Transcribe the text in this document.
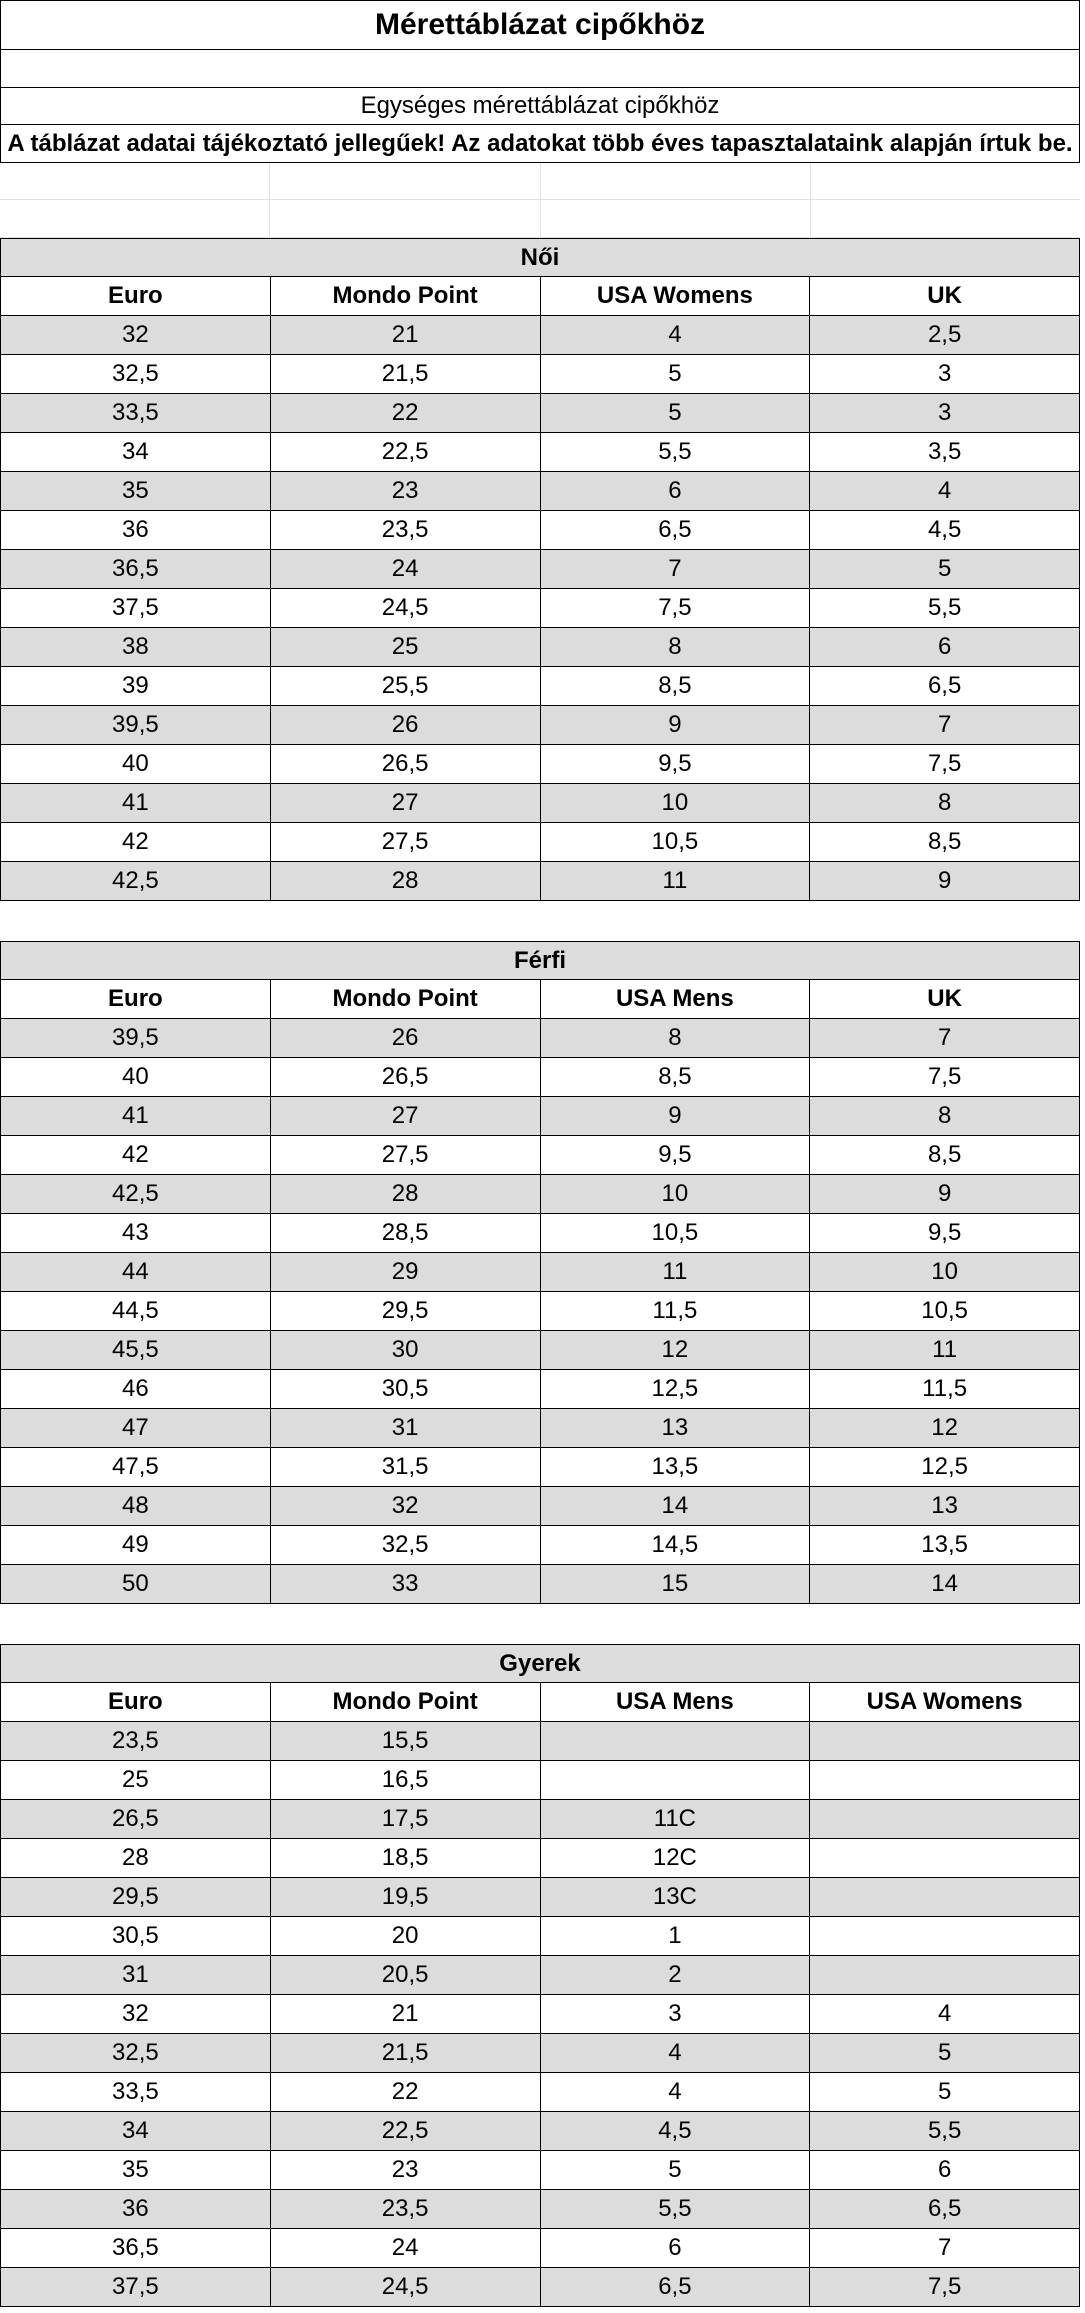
Mérettáblázat cipőkhöz
Egységes mérettáblázat cipőkhöz
A táblázat adatai tájékoztató jellegűek! Az adatokat több éves tapasztalataink alapján írtuk be.
Női
Euro	Mondo Point	USA Womens	UK
32	21	4	2,5
32,5	21,5	5	3
33,5	22	5	3
34	22,5	5,5	3,5
35	23	6	4
36	23,5	6,5	4,5
36,5	24	7	5
37,5	24,5	7,5	5,5
38	25	8	6
39	25,5	8,5	6,5
39,5	26	9	7
40	26,5	9,5	7,5
41	27	10	8
42	27,5	10,5	8,5
42,5	28	11	9
Férfi
Euro	Mondo Point	USA Mens	UK
39,5	26	8	7
40	26,5	8,5	7,5
41	27	9	8
42	27,5	9,5	8,5
42,5	28	10	9
43	28,5	10,5	9,5
44	29	11	10
44,5	29,5	11,5	10,5
45,5	30	12	11
46	30,5	12,5	11,5
47	31	13	12
47,5	31,5	13,5	12,5
48	32	14	13
49	32,5	14,5	13,5
50	33	15	14
Gyerek
Euro	Mondo Point	USA Mens	USA Womens
23,5	15,5
25	16,5
26,5	17,5	11C
28	18,5	12C
29,5	19,5	13C
30,5	20	1
31	20,5	2
32	21	3	4
32,5	21,5	4	5
33,5	22	4	5
34	22,5	4,5	5,5
35	23	5	6
36	23,5	5,5	6,5
36,5	24	6	7
37,5	24,5	6,5	7,5
